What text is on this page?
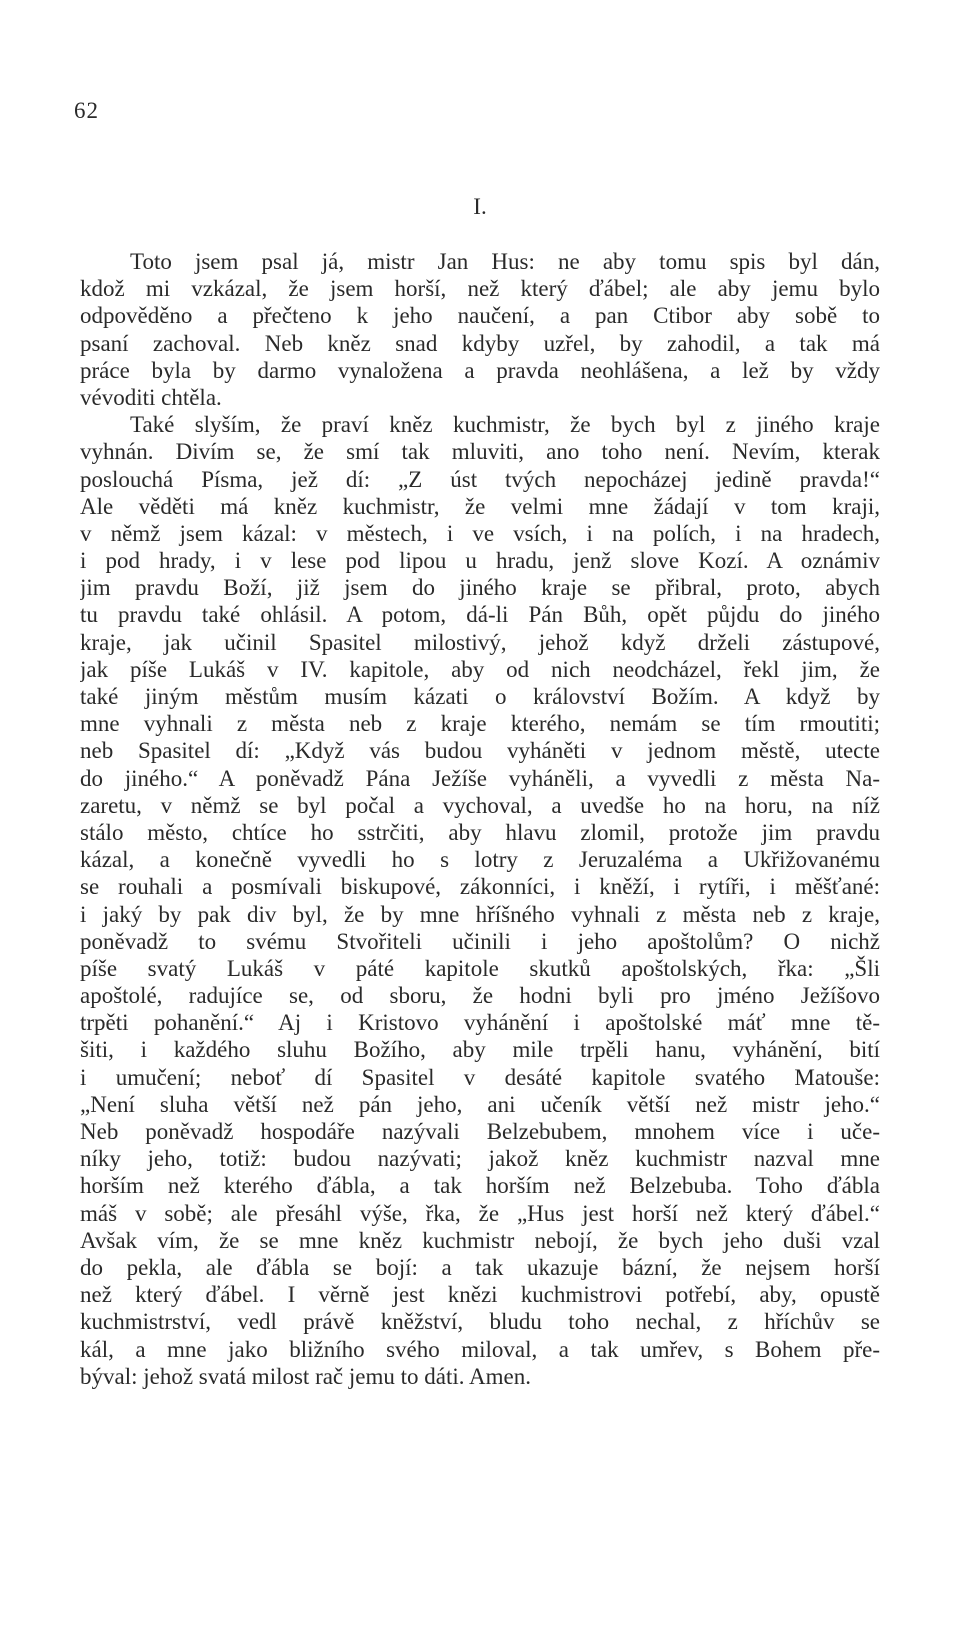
62
I.
Toto jsem psal já, mistr Jan Hus: ne aby tomu spis byl dán,
kdož mi vzkázal, že jsem horší, než který ďábel; ale aby jemu bylo
odpověděno a přečteno k jeho naučení, a pan Ctibor aby sobě to
psaní zachoval. Neb kněz snad kdyby uzřel, by zahodil, a tak má
práce byla by darmo vynaložena a pravda neohlášena, a lež by vždy
vévoditi chtěla.
Také slyším, že praví kněz kuchmistr, že bych byl z jiného kraje
vyhnán. Divím se, že smí tak mluviti, ano toho není. Nevím, kterak
poslouchá Písma, jež dí: „Z úst tvých nepocházej jedině pravda!“
Ale věděti má kněz kuchmistr, že velmi mne žádají v tom kraji,
v němž jsem kázal: v městech, i ve vsích, i na polích, i na hradech,
i pod hrady, i v lese pod lipou u hradu, jenž slove Kozí. A oznámiv
jim pravdu Boží, již jsem do jiného kraje se přibral, proto, abych
tu pravdu také ohlásil. A potom, dá-li Pán Bůh, opět půjdu do jiného
kraje, jak učinil Spasitel milostivý, jehož když drželi zástupové,
jak píše Lukáš v IV. kapitole, aby od nich neodcházel, řekl jim, že
také jiným městům musím kázati o království Božím. A když by
mne vyhnali z města neb z kraje kterého, nemám se tím rmoutiti;
neb Spasitel dí: „Když vás budou vyháněti v jednom městě, utecte
do jiného.“ A poněvadž Pána Ježíše vyháněli, a vyvedli z města Na-
zaretu, v němž se byl počal a vychoval, a uvedše ho na horu, na níž
stálo město, chtíce ho sstrčiti, aby hlavu zlomil, protože jim pravdu
kázal, a konečně vyvedli ho s lotry z Jeruzaléma a Ukřižovanému
se rouhali a posmívali biskupové, zákonníci, i kněží, i rytíři, i měšťané:
i jaký by pak div byl, že by mne hříšného vyhnali z města neb z kraje,
poněvadž to svému Stvořiteli učinili i jeho apoštolům? O nichž
píše svatý Lukáš v páté kapitole skutků apoštolských, řka: „Šli
apoštolé, radujíce se, od sboru, že hodni byli pro jméno Ježíšovo
trpěti pohanění.“ Aj i Kristovo vyhánění i apoštolské máť mne tě-
šiti, i každého sluhu Božího, aby mile trpěli hanu, vyhánění, bití
i umučení; neboť dí Spasitel v desáté kapitole svatého Matouše:
„Není sluha větší než pán jeho, ani učeník větší než mistr jeho.“
Neb poněvadž hospodáře nazývali Belzebubem, mnohem více i uče-
níky jeho, totiž: budou nazývati; jakož kněz kuchmistr nazval mne
horším než kterého ďábla, a tak horším než Belzebuba. Toho ďábla
máš v sobě; ale přesáhl výše, řka, že „Hus jest horší než který ďábel.“
Avšak vím, že se mne kněz kuchmistr nebojí, že bych jeho duši vzal
do pekla, ale ďábla se bojí: a tak ukazuje bázní, že nejsem horší
než který ďábel. I věrně jest knězi kuchmistrovi potřebí, aby, opustě
kuchmistrství, vedl právě kněžství, bludu toho nechal, z hříchův se
kál, a mne jako bližního svého miloval, a tak umřev, s Bohem pře-
býval: jehož svatá milost rač jemu to dáti. Amen.
